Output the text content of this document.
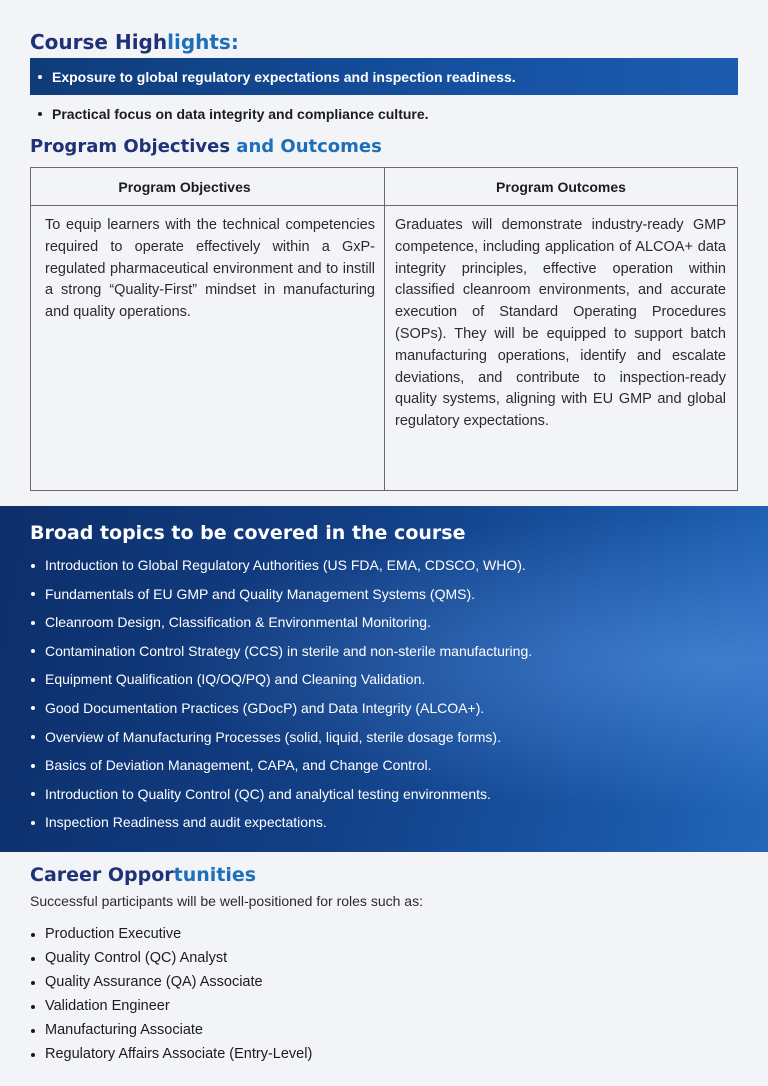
Course Highlights:
Exposure to global regulatory expectations and inspection readiness.
Practical focus on data integrity and compliance culture.
Program Objectives and Outcomes
Program Objectives	Program Outcomes
To equip learners with the technical competencies required to operate effectively within a GxP-regulated pharmaceutical environment and to instill a strong “Quality-First” mindset in manufacturing and quality operations.
Graduates will demonstrate industry-ready GMP competence, including application of ALCOA+ data integrity principles, effective operation within classified cleanroom environments, and accurate execution of Standard Operating Procedures (SOPs). They will be equipped to support batch manufacturing operations, identify and escalate deviations, and contribute to inspection-ready quality systems, aligning with EU GMP and global regulatory expectations.
Broad topics to be covered in the course
Introduction to Global Regulatory Authorities (US FDA, EMA, CDSCO, WHO).
Fundamentals of EU GMP and Quality Management Systems (QMS).
Cleanroom Design, Classification & Environmental Monitoring.
Contamination Control Strategy (CCS) in sterile and non-sterile manufacturing.
Equipment Qualification (IQ/OQ/PQ) and Cleaning Validation.
Good Documentation Practices (GDocP) and Data Integrity (ALCOA+).
Overview of Manufacturing Processes (solid, liquid, sterile dosage forms).
Basics of Deviation Management, CAPA, and Change Control.
Introduction to Quality Control (QC) and analytical testing environments.
Inspection Readiness and audit expectations.
Career Opportunities
Successful participants will be well-positioned for roles such as:
Production Executive
Quality Control (QC) Analyst
Quality Assurance (QA) Associate
Validation Engineer
Manufacturing Associate
Regulatory Affairs Associate (Entry-Level)
